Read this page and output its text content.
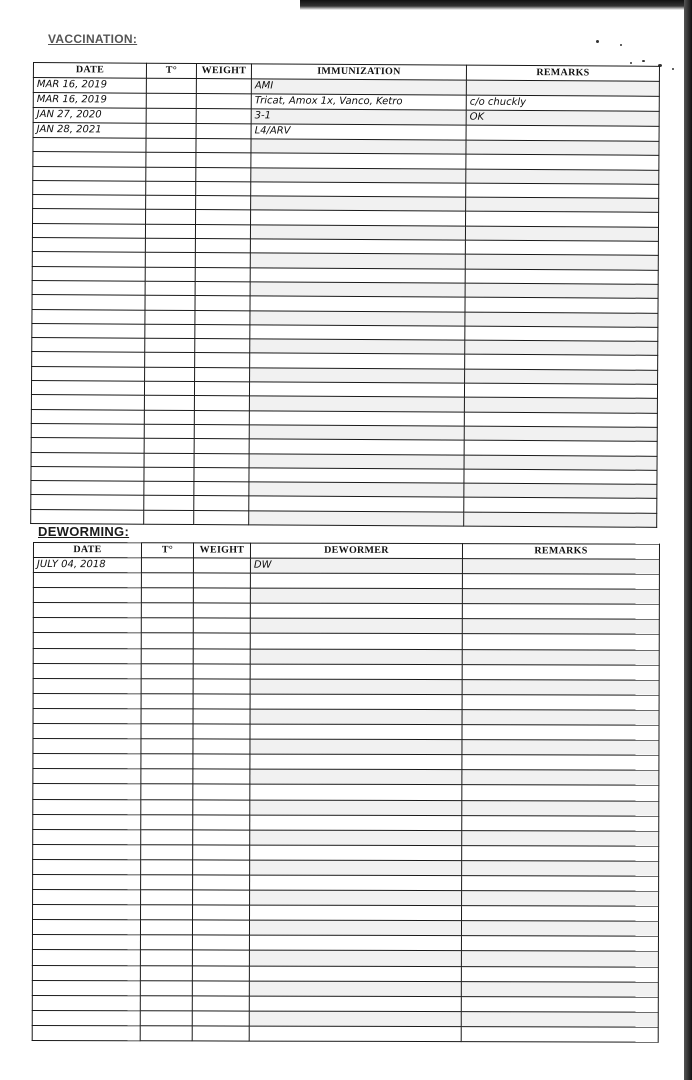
VACCINATION:
DATE	T°	WEIGHT	IMMUNIZATION	REMARKS
MAR 16, 2019			AMI	
MAR 16, 2019			Tricat, Amox 1x, Vanco, Ketro	c/o chuckly
JAN 27, 2020			3-1	OK
JAN 28, 2021			L4/ARV	

DEWORMING:
DATE	T°	WEIGHT	DEWORMER	REMARKS
JULY 04, 2018			DW	
